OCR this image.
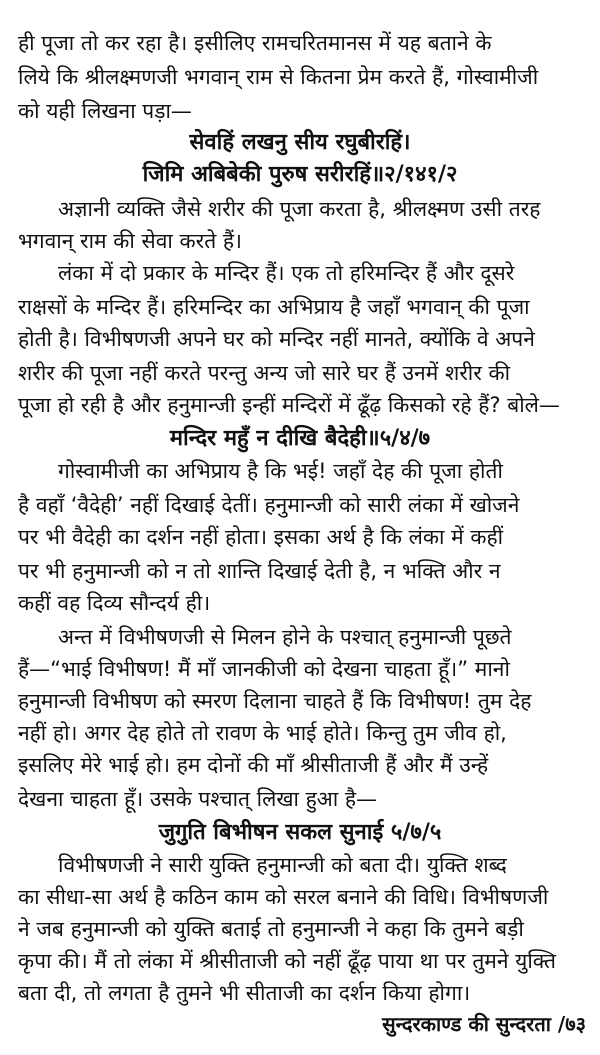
ही पूजा तो कर रहा है। इसीलिए रामचरितमानस में यह बताने के
लिये कि श्रीलक्ष्मणजी भगवान् राम से कितना प्रेम करते हैं, गोस्वामीजी
को यही लिखना पड़ा—
सेवहिं लखनु सीय रघुबीरहिं।
जिमि अबिबेकी पुरुष सरीरहिं॥२/१४१/२
अज्ञानी व्यक्ति जैसे शरीर की पूजा करता है, श्रीलक्ष्मण उसी तरह
भगवान् राम की सेवा करते हैं।
लंका में दो प्रकार के मन्दिर हैं। एक तो हरिमन्दिर हैं और दूसरे
राक्षसों के मन्दिर हैं। हरिमन्दिर का अभिप्राय है जहाँ भगवान् की पूजा
होती है। विभीषणजी अपने घर को मन्दिर नहीं मानते, क्योंकि वे अपने
शरीर की पूजा नहीं करते परन्तु अन्य जो सारे घर हैं उनमें शरीर की
पूजा हो रही है और हनुमान्जी इन्हीं मन्दिरों में ढूँढ़ किसको रहे हैं? बोले—
मन्दिर महुँ न दीखि बैदेही॥५/४/७
गोस्वामीजी का अभिप्राय है कि भई! जहाँ देह की पूजा होती
है वहाँ ‘वैदेही’ नहीं दिखाई देतीं। हनुमान्जी को सारी लंका में खोजने
पर भी वैदेही का दर्शन नहीं होता। इसका अर्थ है कि लंका में कहीं
पर भी हनुमान्जी को न तो शान्ति दिखाई देती है, न भक्ति और न
कहीं वह दिव्य सौन्दर्य ही।
अन्त में विभीषणजी से मिलन होने के पश्चात् हनुमान्जी पूछते
हैं—“भाई विभीषण! मैं माँ जानकीजी को देखना चाहता हूँ।” मानो
हनुमान्जी विभीषण को स्मरण दिलाना चाहते हैं कि विभीषण! तुम देह
नहीं हो। अगर देह होते तो रावण के भाई होते। किन्तु तुम जीव हो,
इसलिए मेरे भाई हो। हम दोनों की माँ श्रीसीताजी हैं और मैं उन्हें
देखना चाहता हूँ। उसके पश्चात् लिखा हुआ है—
जुगुति बिभीषन सकल सुनाई ५/७/५
विभीषणजी ने सारी युक्ति हनुमान्जी को बता दी। युक्ति शब्द
का सीधा-सा अर्थ है कठिन काम को सरल बनाने की विधि। विभीषणजी
ने जब हनुमान्जी को युक्ति बताई तो हनुमान्जी ने कहा कि तुमने बड़ी
कृपा की। मैं तो लंका में श्रीसीताजी को नहीं ढूँढ़ पाया था पर तुमने युक्ति
बता दी, तो लगता है तुमने भी सीताजी का दर्शन किया होगा।
सुन्दरकाण्ड की सुन्दरता /७३
